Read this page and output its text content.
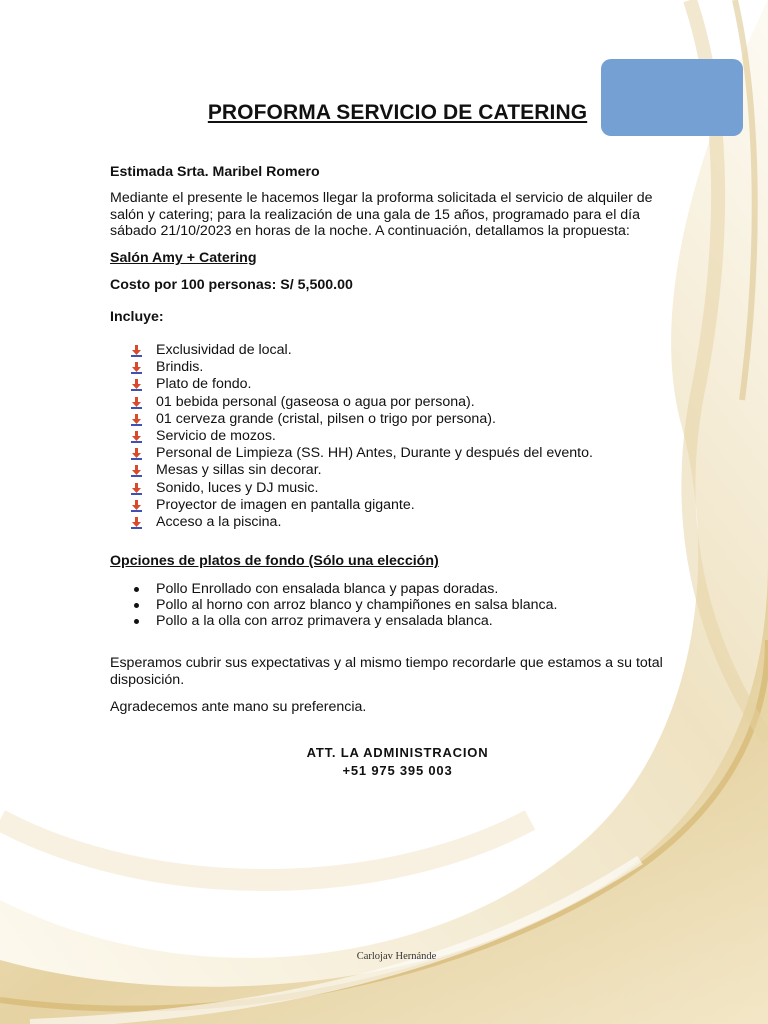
PROFORMA SERVICIO DE CATERING
Estimada Srta. Maribel Romero
Mediante el presente le hacemos llegar la proforma solicitada el servicio de alquiler de salón y catering; para la realización de una gala de 15 años, programado para el día sábado 21/10/2023 en horas de la noche. A continuación, detallamos la propuesta:
Salón Amy + Catering
Costo por 100 personas: S/ 5,500.00
Incluye:
Exclusividad de local.
Brindis.
Plato de fondo.
01 bebida personal (gaseosa o agua por persona).
01 cerveza grande (cristal, pilsen o trigo por persona).
Servicio de mozos.
Personal de Limpieza (SS. HH) Antes, Durante y después del evento.
Mesas y sillas sin decorar.
Sonido, luces y DJ music.
Proyector de imagen en pantalla gigante.
Acceso a la piscina.
Opciones de platos de fondo (Sólo una elección)
Pollo Enrollado con ensalada blanca y papas doradas.
Pollo al horno con arroz blanco y champiñones en salsa blanca.
Pollo a la olla con arroz primavera y ensalada blanca.
Esperamos cubrir sus expectativas y al mismo tiempo recordarle que estamos a su total disposición.
Agradecemos ante mano su preferencia.
ATT. LA ADMINISTRACION
+51 975 395 003
Carlojav Hernánde
